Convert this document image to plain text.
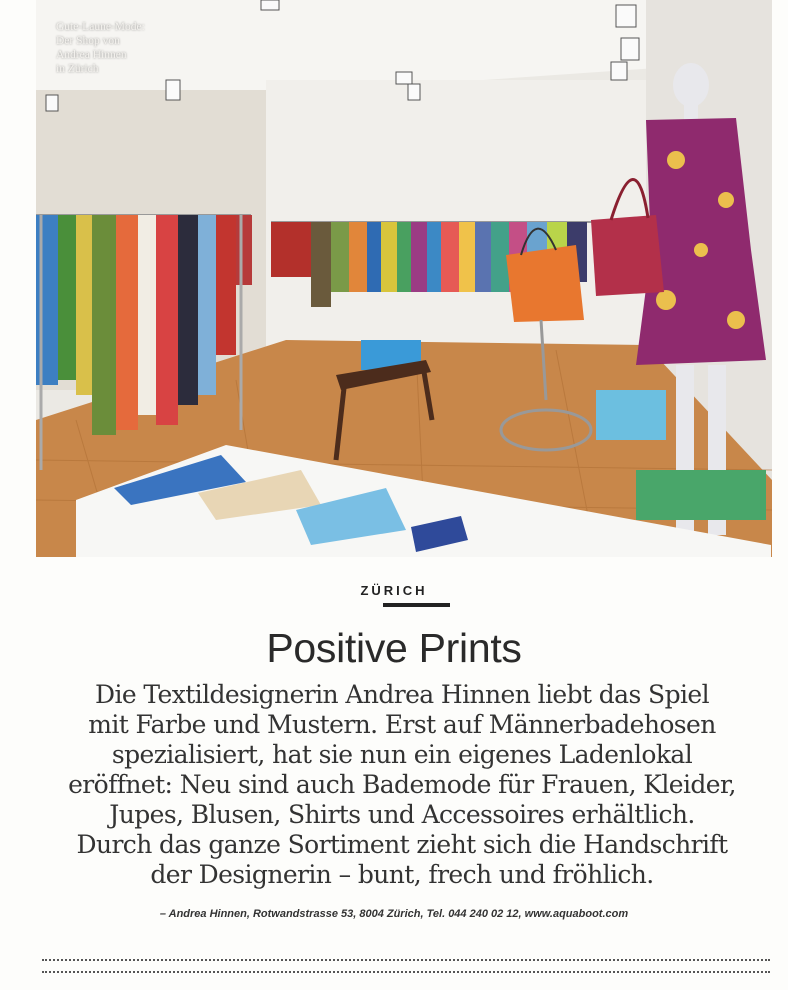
Gute-Laune-Mode:
Der Shop von
Andrea Hinnen
in Zürich
ZÜRICH
Positive Prints
Die Textildesignerin Andrea Hinnen liebt das Spiel
mit Farbe und Mustern. Erst auf Männerbadehosen
spezialisiert, hat sie nun ein eigenes Ladenlokal
eröffnet: Neu sind auch Bademode für Frauen, Kleider,
Jupes, Blusen, Shirts und Accessoires erhältlich.
Durch das ganze Sortiment zieht sich die Handschrift
der Designerin – bunt, frech und fröhlich.
– Andrea Hinnen, Rotwandstrasse 53, 8004 Zürich, Tel. 044 240 02 12, www.aquaboot.com
